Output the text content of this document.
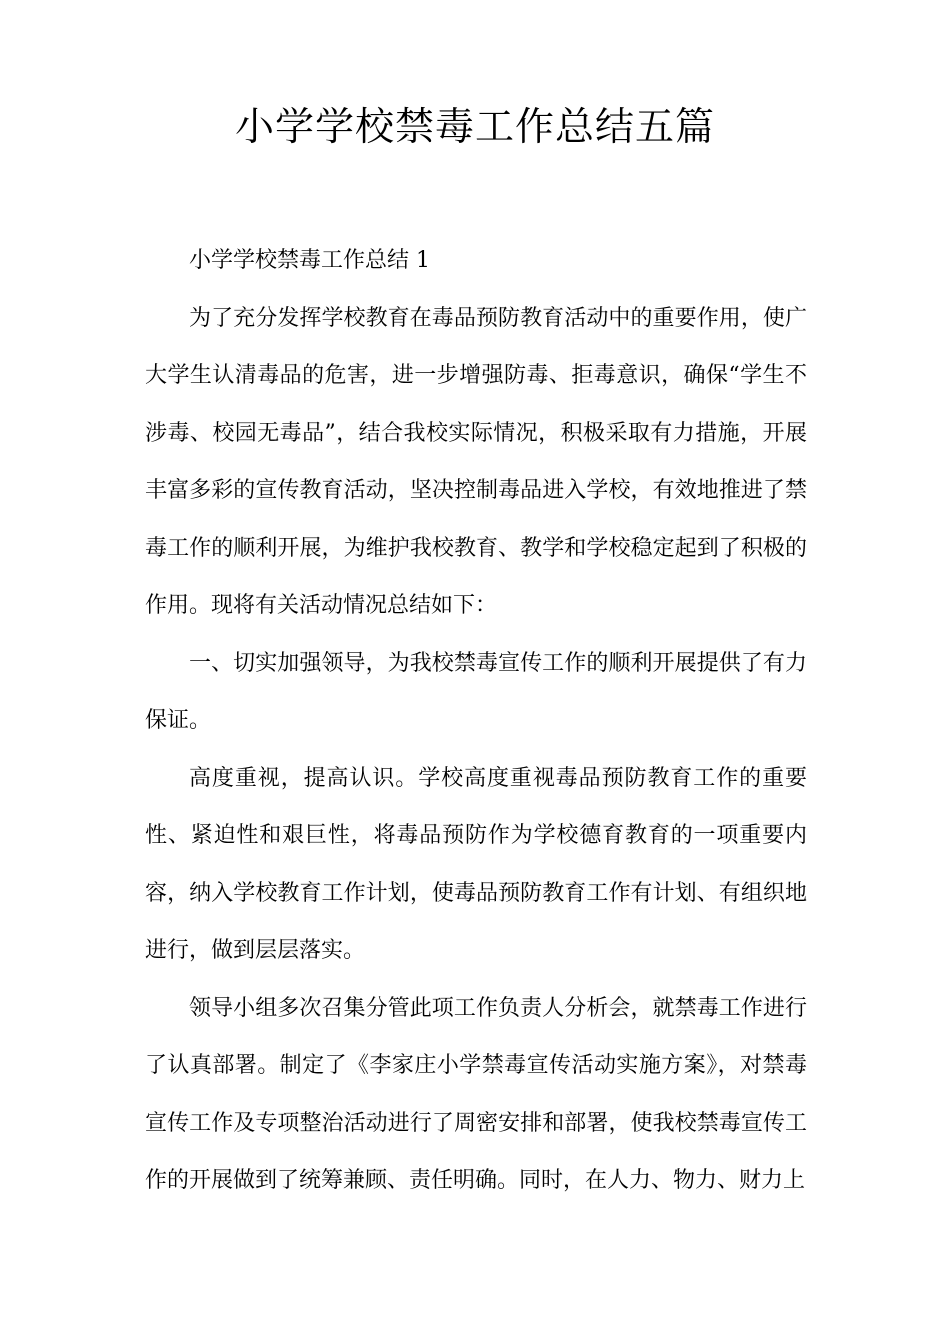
小学学校禁毒工作总结五篇

小学学校禁毒工作总结 1

为了充分发挥学校教育在毒品预防教育活动中的重要作用，使广大学生认清毒品的危害，进一步增强防毒、拒毒意识，确保“学生不涉毒、校园无毒品”，结合我校实际情况，积极采取有力措施，开展丰富多彩的宣传教育活动，坚决控制毒品进入学校，有效地推进了禁毒工作的顺利开展，为维护我校教育、教学和学校稳定起到了积极的作用。现将有关活动情况总结如下：

一、切实加强领导，为我校禁毒宣传工作的顺利开展提供了有力保证。

高度重视，提高认识。学校高度重视毒品预防教育工作的重要性、紧迫性和艰巨性，将毒品预防作为学校德育教育的一项重要内容，纳入学校教育工作计划，使毒品预防教育工作有计划、有组织地进行，做到层层落实。

领导小组多次召集分管此项工作负责人分析会，就禁毒工作进行了认真部署。制定了《李家庄小学禁毒宣传活动实施方案》，对禁毒宣传工作及专项整治活动进行了周密安排和部署，使我校禁毒宣传工作的开展做到了统筹兼顾、责任明确。同时，在人力、物力、财力上
